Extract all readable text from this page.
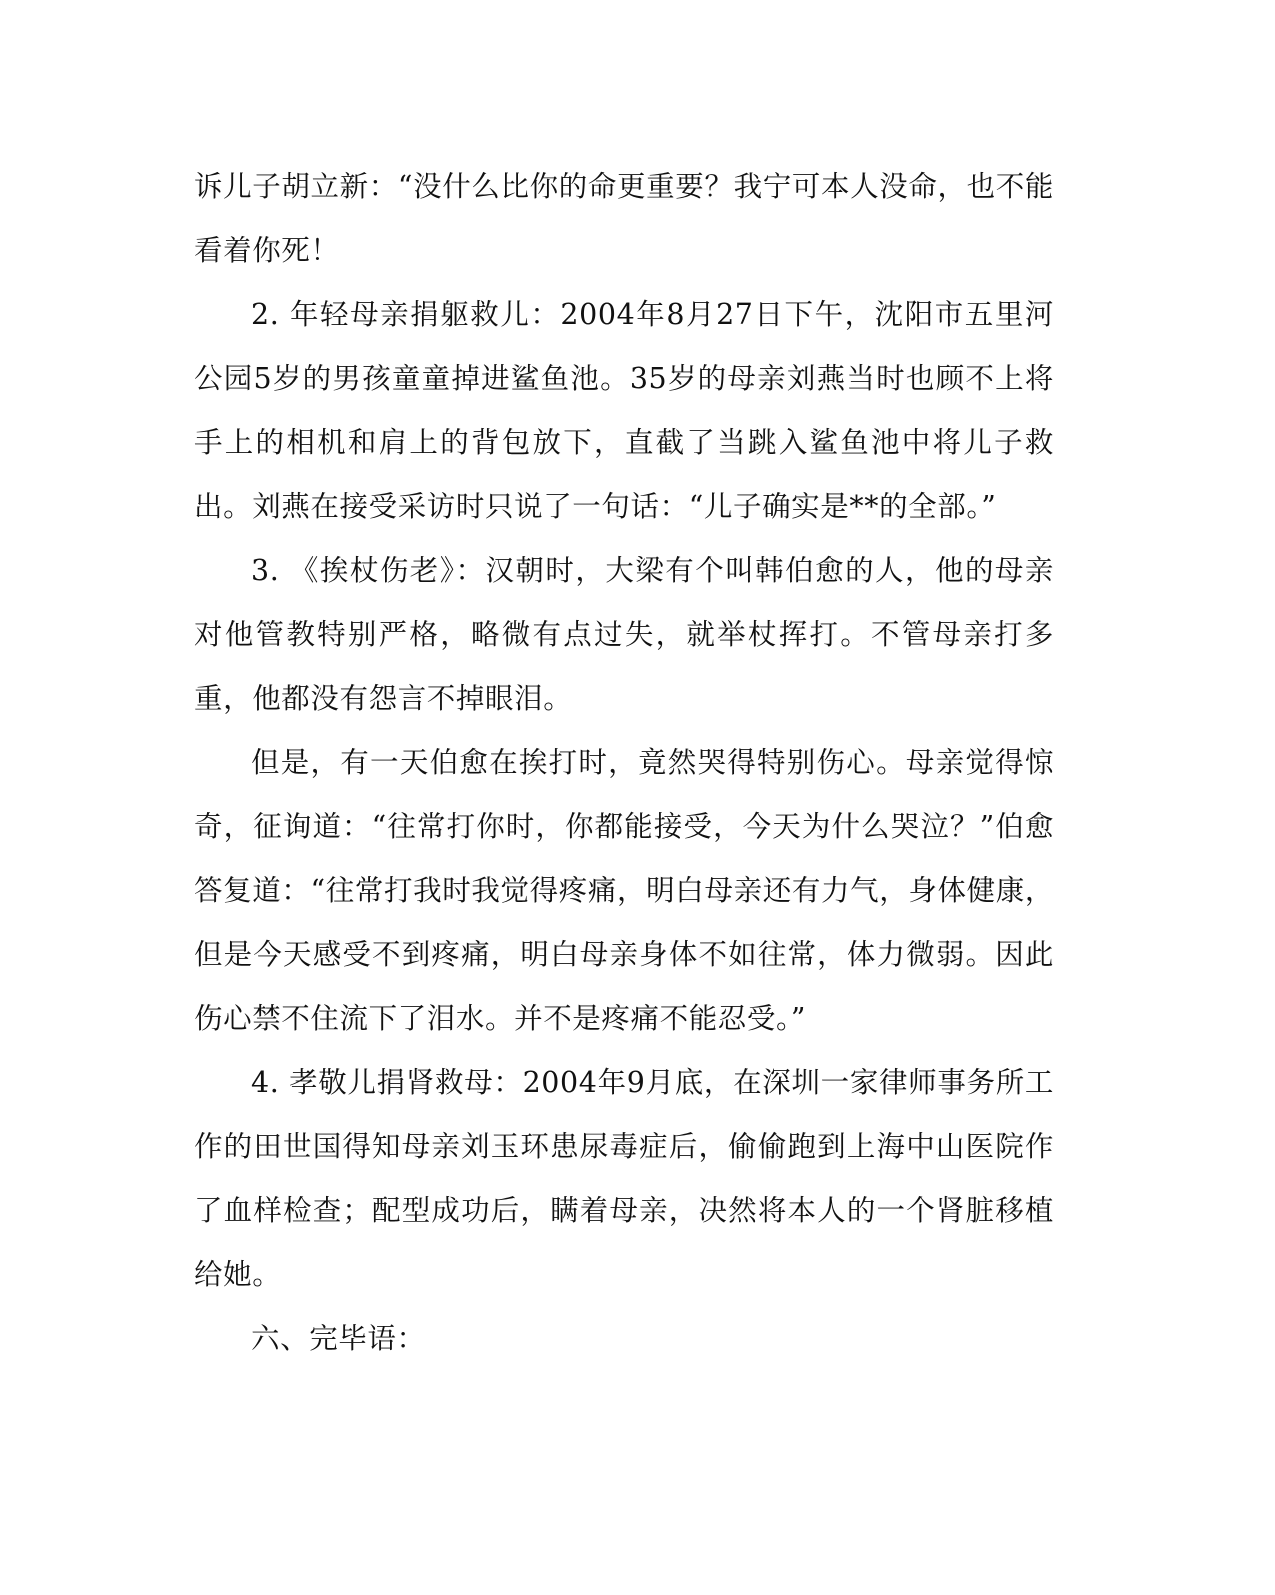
诉儿子胡立新：“没什么比你的命更重要？我宁可本人没命，也不能看着你死！

2. 年轻母亲捐躯救儿：2004年8月27日下午，沈阳市五里河公园5岁的男孩童童掉进鲨鱼池。35岁的母亲刘燕当时也顾不上将手上的相机和肩上的背包放下，直截了当跳入鲨鱼池中将儿子救出。刘燕在接受采访时只说了一句话：“儿子确实是**的全部。”

3. 《挨杖伤老》：汉朝时，大梁有个叫韩伯愈的人，他的母亲对他管教特别严格，略微有点过失，就举杖挥打。不管母亲打多重，他都没有怨言不掉眼泪。

但是，有一天伯愈在挨打时，竟然哭得特别伤心。母亲觉得惊奇，征询道：“往常打你时，你都能接受，今天为什么哭泣？”伯愈答复道：“往常打我时我觉得疼痛，明白母亲还有力气，身体健康，但是今天感受不到疼痛，明白母亲身体不如往常，体力微弱。因此伤心禁不住流下了泪水。并不是疼痛不能忍受。”

4. 孝敬儿捐肾救母：2004年9月底，在深圳一家律师事务所工作的田世国得知母亲刘玉环患尿毒症后，偷偷跑到上海中山医院作了血样检查；配型成功后，瞒着母亲，决然将本人的一个肾脏移植给她。

六、完毕语：
